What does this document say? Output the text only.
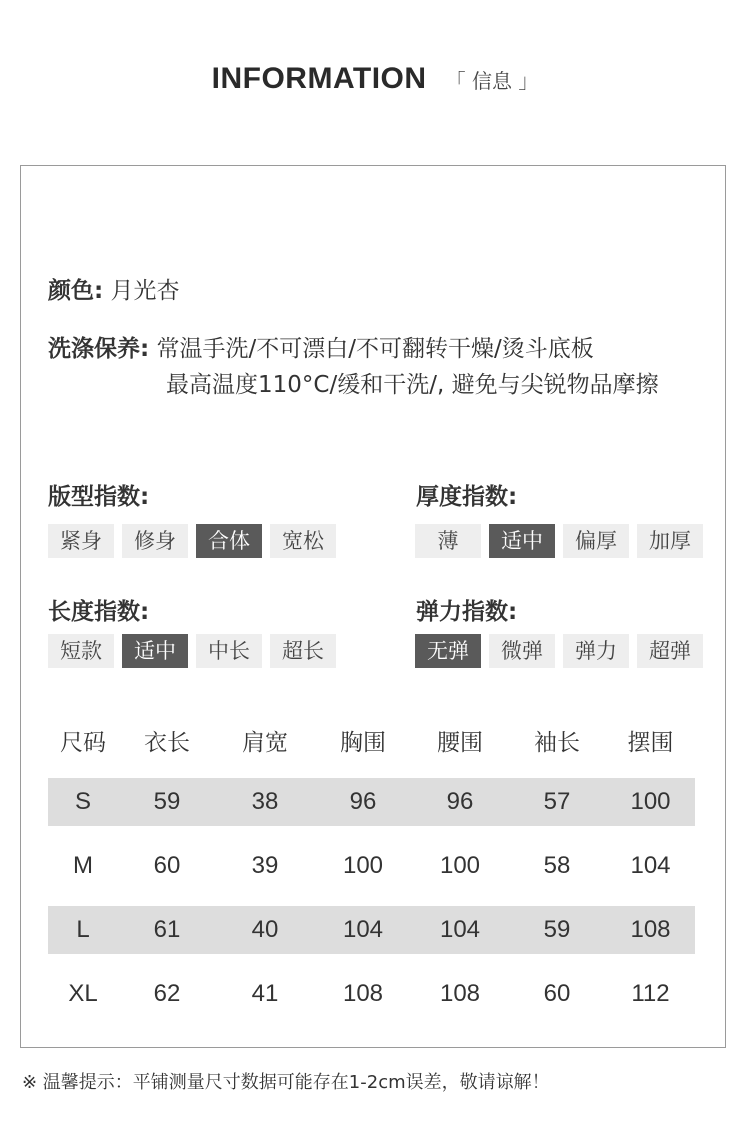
INFORMATION 「 信息 」
颜色: 月光杏
洗涤保养: 常温手洗/不可漂白/不可翻转干燥/烫斗底板
最高温度110°C/缓和干洗/, 避免与尖锐物品摩擦
版型指数:
紧身	修身	合体	宽松
厚度指数:
薄	适中	偏厚	加厚
长度指数:
短款	适中	中长	超长
弹力指数:
无弹	微弹	弹力	超弹
尺码	衣长	肩宽	胸围	腰围	袖长	摆围
S	59	38	96	96	57	100
M	60	39	100	100	58	104
L	61	40	104	104	59	108
XL	62	41	108	108	60	112
※ 温馨提示：平铺测量尺寸数据可能存在1-2cm误差，敬请谅解！
